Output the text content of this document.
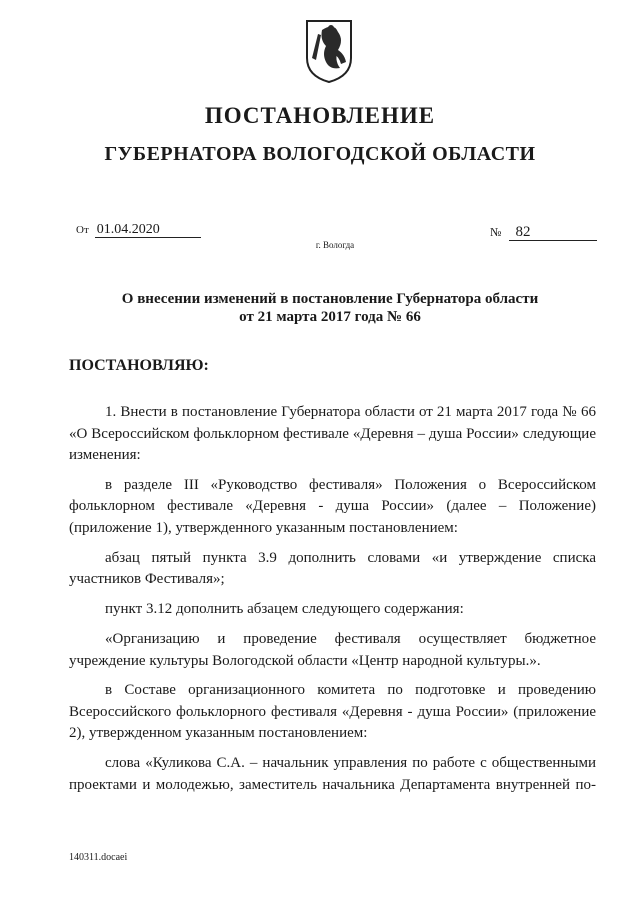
ПОСТАНОВЛЕНИЕ
ГУБЕРНАТОРА ВОЛОГОДСКОЙ ОБЛАСТИ
От 01.04.2020	№ 82
г. Вологда
О внесении изменений в постановление Губернатора области
от 21 марта 2017 года № 66
ПОСТАНОВЛЯЮ:

1. Внести в постановление Губернатора области от 21 марта 2017 года № 66 «О Всероссийском фольклорном фестивале «Деревня – душа России» следующие изменения:

в разделе III «Руководство фестиваля» Положения о Всероссийском фольклорном фестивале «Деревня - душа России» (далее – Положение) (приложение 1), утвержденного указанным постановлением:

абзац пятый пункта 3.9 дополнить словами «и утверждение списка участников Фестиваля»;

пункт 3.12 дополнить абзацем следующего содержания:

«Организацию и проведение фестиваля осуществляет бюджетное учреждение культуры Вологодской области «Центр народной культуры.».

в Составе организационного комитета по подготовке и проведению Всероссийского фольклорного фестиваля «Деревня - душа России» (приложение 2), утвержденном указанным постановлением:

слова «Куликова С.А. – начальник управления по работе с общественными проектами и молодежью, заместитель начальника Департамента внутренней по-

140311.docaei
